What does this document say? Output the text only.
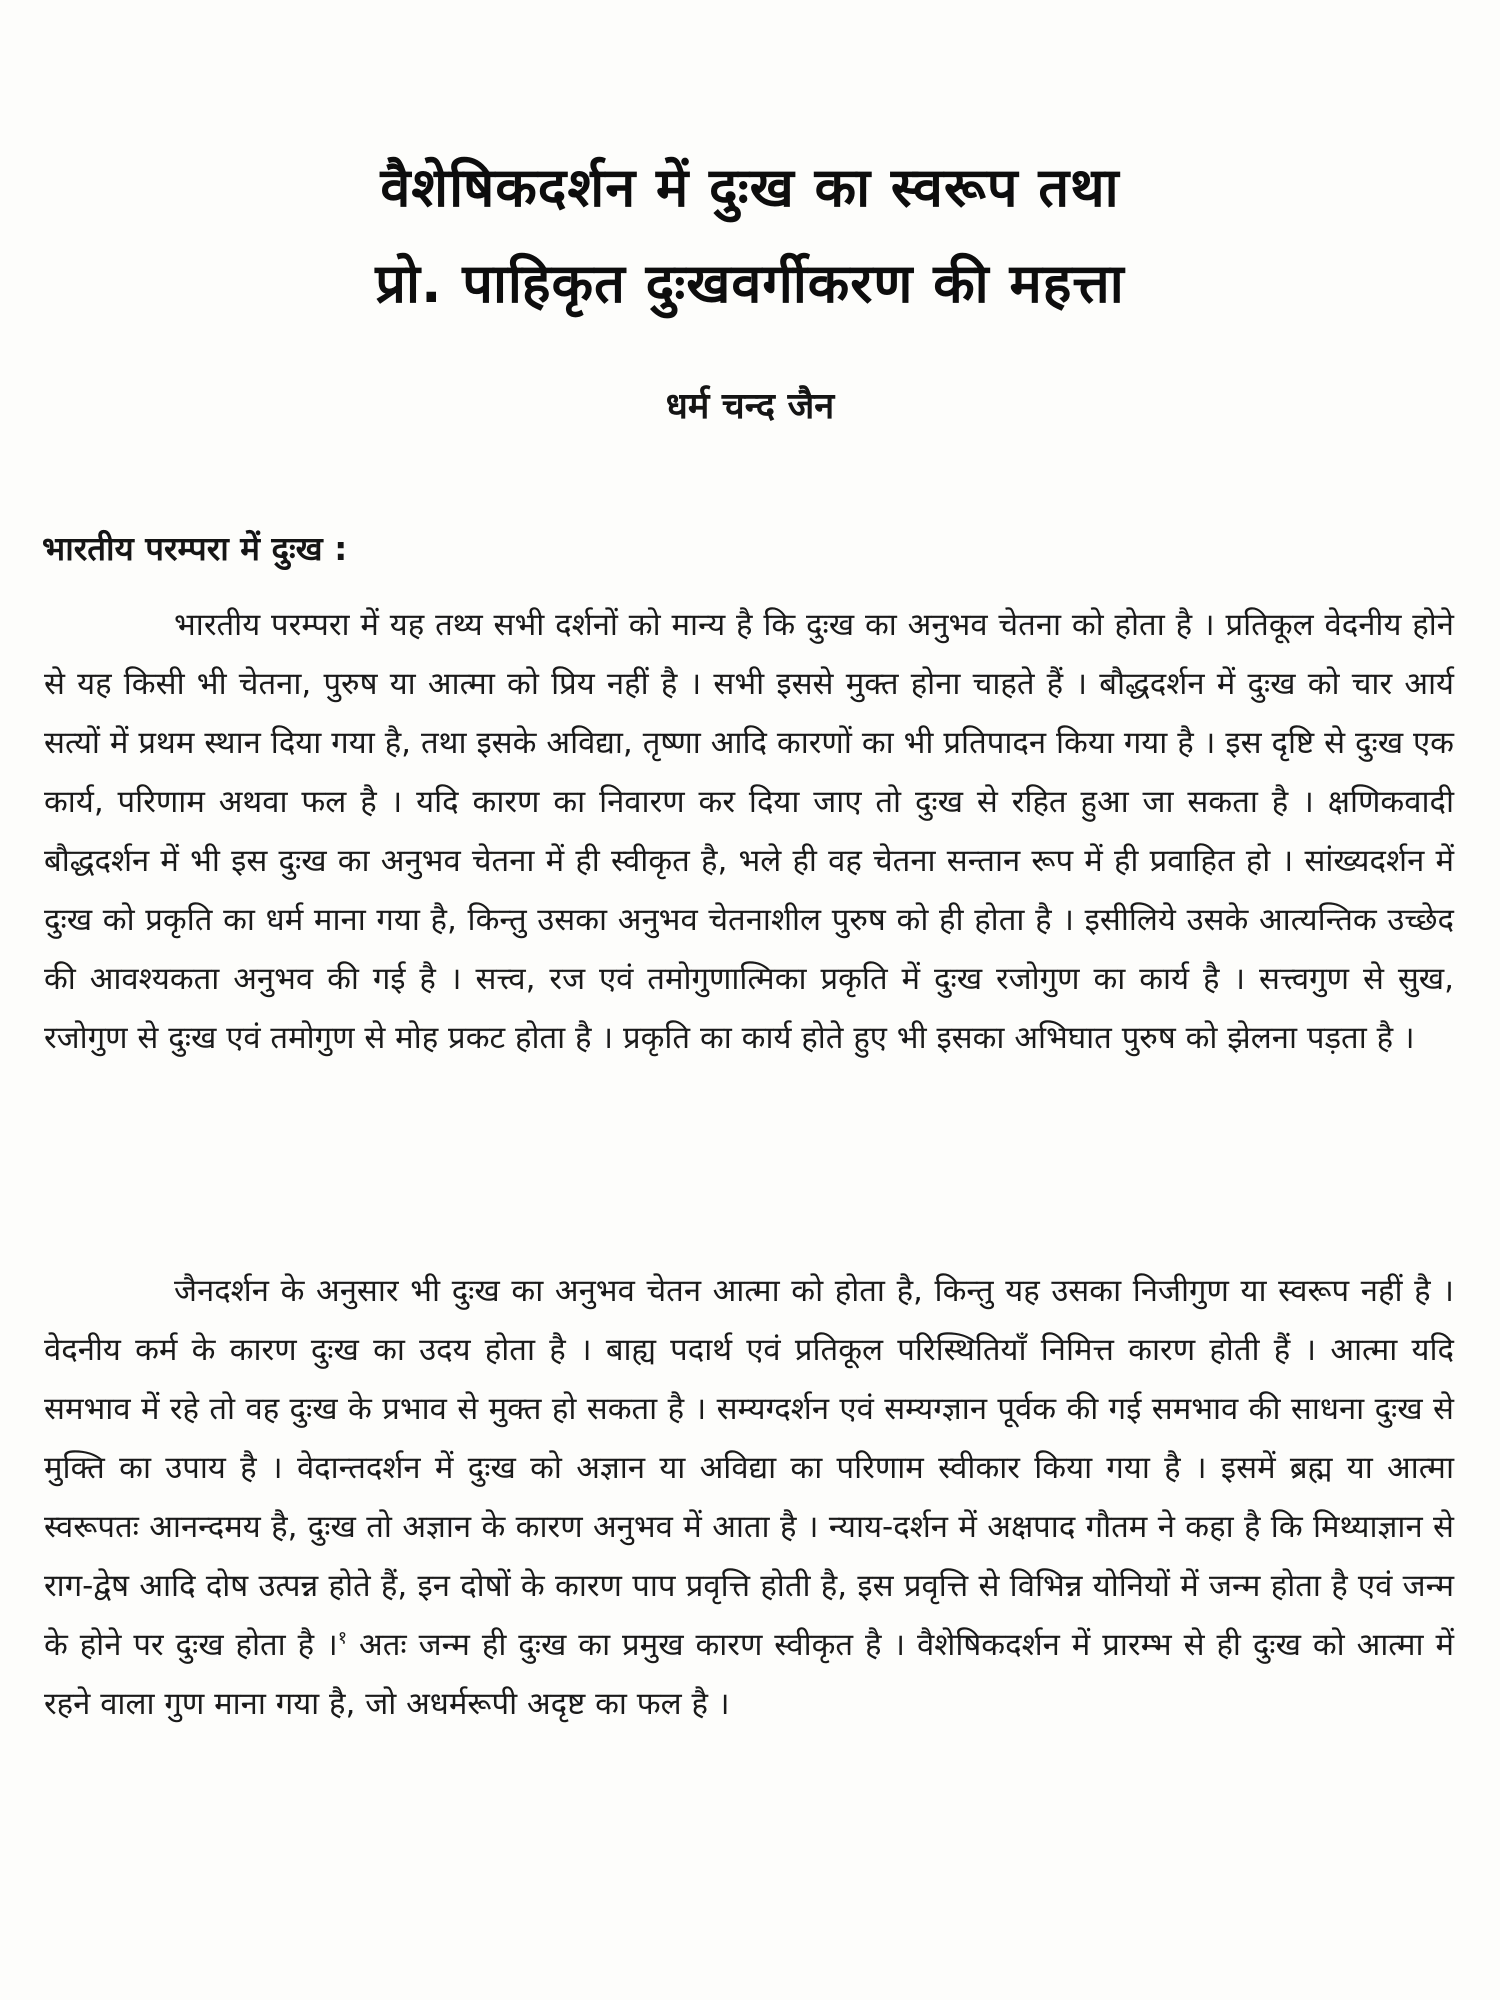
वैशेषिकदर्शन में दुःख का स्वरूप तथा
प्रो. पाहिकृत दुःखवर्गीकरण की महत्ता
धर्म चन्द जैन
भारतीय परम्परा में दुःख :

भारतीय परम्परा में यह तथ्य सभी दर्शनों को मान्य है कि दुःख का अनुभव चेतना को होता है । प्रतिकूल वेदनीय होने से यह किसी भी चेतना, पुरुष या आत्मा को प्रिय नहीं है । सभी इससे मुक्त होना चाहते हैं । बौद्धदर्शन में दुःख को चार आर्य सत्यों में प्रथम स्थान दिया गया है, तथा इसके अविद्या, तृष्णा आदि कारणों का भी प्रतिपादन किया गया है । इस दृष्टि से दुःख एक कार्य, परिणाम अथवा फल है । यदि कारण का निवारण कर दिया जाए तो दुःख से रहित हुआ जा सकता है । क्षणिकवादी बौद्धदर्शन में भी इस दुःख का अनुभव चेतना में ही स्वीकृत है, भले ही वह चेतना सन्तान रूप में ही प्रवाहित हो । सांख्यदर्शन में दुःख को प्रकृति का धर्म माना गया है, किन्तु उसका अनुभव चेतनाशील पुरुष को ही होता है । इसीलिये उसके आत्यन्तिक उच्छेद की आवश्यकता अनुभव की गई है । सत्त्व, रज एवं तमोगुणात्मिका प्रकृति में दुःख रजोगुण का कार्य है । सत्त्वगुण से सुख, रजोगुण से दुःख एवं तमोगुण से मोह प्रकट होता है । प्रकृति का कार्य होते हुए भी इसका अभिघात पुरुष को झेलना पड़ता है ।

जैनदर्शन के अनुसार भी दुःख का अनुभव चेतन आत्मा को होता है, किन्तु यह उसका निजीगुण या स्वरूप नहीं है । वेदनीय कर्म के कारण दुःख का उदय होता है । बाह्य पदार्थ एवं प्रतिकूल परिस्थितियाँ निमित्त कारण होती हैं । आत्मा यदि समभाव में रहे तो वह दुःख के प्रभाव से मुक्त हो सकता है । सम्यग्दर्शन एवं सम्यग्ज्ञान पूर्वक की गई समभाव की साधना दुःख से मुक्ति का उपाय है । वेदान्तदर्शन में दुःख को अज्ञान या अविद्या का परिणाम स्वीकार किया गया है । इसमें ब्रह्म या आत्मा स्वरूपतः आनन्दमय है, दुःख तो अज्ञान के कारण अनुभव में आता है । न्याय-दर्शन में अक्षपाद गौतम ने कहा है कि मिथ्याज्ञान से राग-द्वेष आदि दोष उत्पन्न होते हैं, इन दोषों के कारण पाप प्रवृत्ति होती है, इस प्रवृत्ति से विभिन्न योनियों में जन्म होता है एवं जन्म के होने पर दुःख होता है ।$^१$ अतः जन्म ही दुःख का प्रमुख कारण स्वीकृत है । वैशेषिकदर्शन में प्रारम्भ से ही दुःख को आत्मा में रहने वाला गुण माना गया है, जो अधर्मरूपी अदृष्ट का फल है ।
